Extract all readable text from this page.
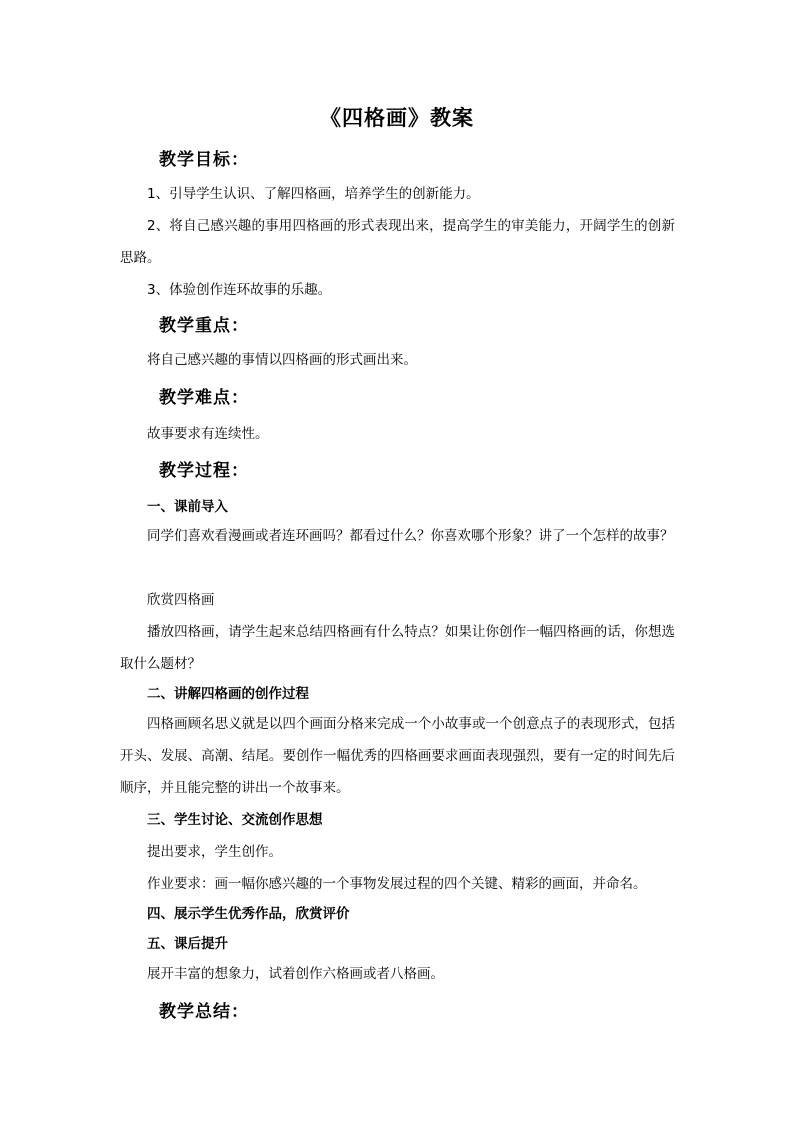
《四格画》教案
教学目标：

1、引导学生认识、了解四格画，培养学生的创新能力。

2、将自己感兴趣的事用四格画的形式表现出来，提高学生的审美能力，开阔学生的创新思路。

3、体验创作连环故事的乐趣。

教学重点：

将自己感兴趣的事情以四格画的形式画出来。

教学难点：

故事要求有连续性。

教学过程：
一、课前导入

同学们喜欢看漫画或者连环画吗？都看过什么？你喜欢哪个形象？讲了一个怎样的故事？

欣赏四格画

播放四格画，请学生起来总结四格画有什么特点？如果让你创作一幅四格画的话，你想选取什么题材？

二、讲解四格画的创作过程

四格画顾名思义就是以四个画面分格来完成一个小故事或一个创意点子的表现形式，包括开头、发展、高潮、结尾。要创作一幅优秀的四格画要求画面表现强烈，要有一定的时间先后顺序，并且能完整的讲出一个故事来。

三、学生讨论、交流创作思想

提出要求，学生创作。

作业要求：画一幅你感兴趣的一个事物发展过程的四个关键、精彩的画面，并命名。

四、展示学生优秀作品，欣赏评价
五、课后提升

展开丰富的想象力，试着创作六格画或者八格画。

教学总结：
